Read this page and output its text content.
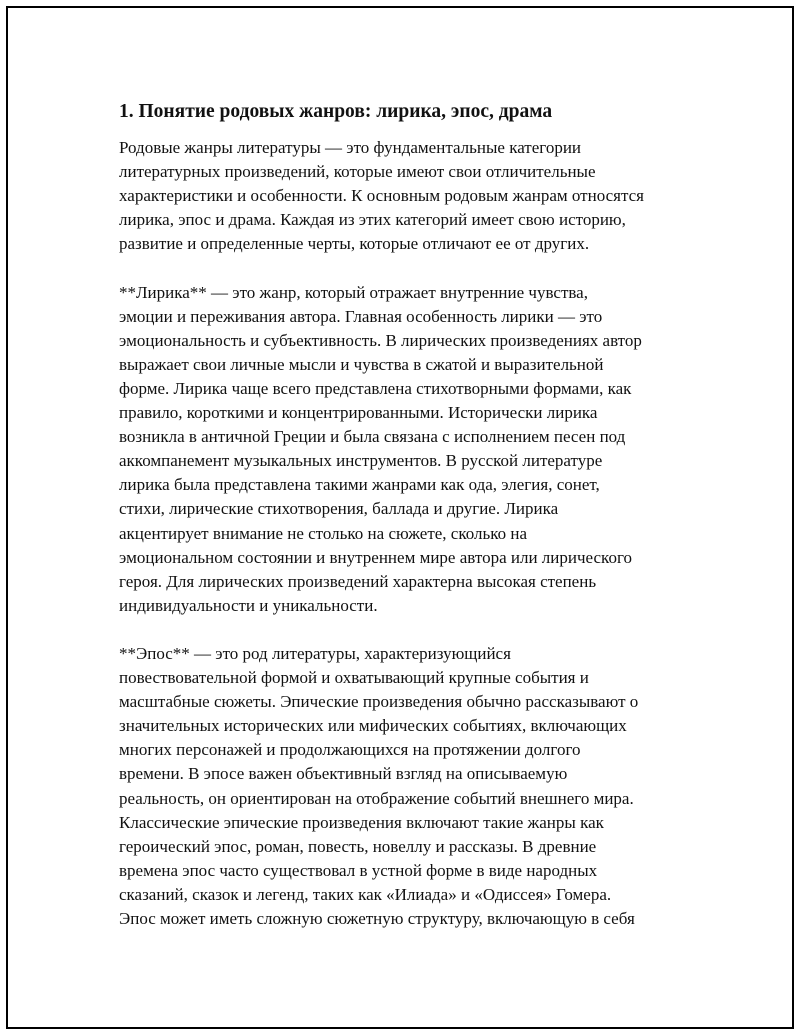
1. Понятие родовых жанров: лирика, эпос, драма
Родовые жанры литературы — это фундаментальные категории
литературных произведений, которые имеют свои отличительные
характеристики и особенности. К основным родовым жанрам относятся
лирика, эпос и драма. Каждая из этих категорий имеет свою историю,
развитие и определенные черты, которые отличают ее от других.
**Лирика** — это жанр, который отражает внутренние чувства,
эмоции и переживания автора. Главная особенность лирики — это
эмоциональность и субъективность. В лирических произведениях автор
выражает свои личные мысли и чувства в сжатой и выразительной
форме. Лирика чаще всего представлена стихотворными формами, как
правило, короткими и концентрированными. Исторически лирика
возникла в античной Греции и была связана с исполнением песен под
аккомпанемент музыкальных инструментов. В русской литературе
лирика была представлена такими жанрами как ода, элегия, сонет,
стихи, лирические стихотворения, баллада и другие. Лирика
акцентирует внимание не столько на сюжете, сколько на
эмоциональном состоянии и внутреннем мире автора или лирического
героя. Для лирических произведений характерна высокая степень
индивидуальности и уникальности.
**Эпос** — это род литературы, характеризующийся
повествовательной формой и охватывающий крупные события и
масштабные сюжеты. Эпические произведения обычно рассказывают о
значительных исторических или мифических событиях, включающих
многих персонажей и продолжающихся на протяжении долгого
времени. В эпосе важен объективный взгляд на описываемую
реальность, он ориентирован на отображение событий внешнего мира.
Классические эпические произведения включают такие жанры как
героический эпос, роман, повесть, новеллу и рассказы. В древние
времена эпос часто существовал в устной форме в виде народных
сказаний, сказок и легенд, таких как «Илиада» и «Одиссея» Гомера.
Эпос может иметь сложную сюжетную структуру, включающую в себя
